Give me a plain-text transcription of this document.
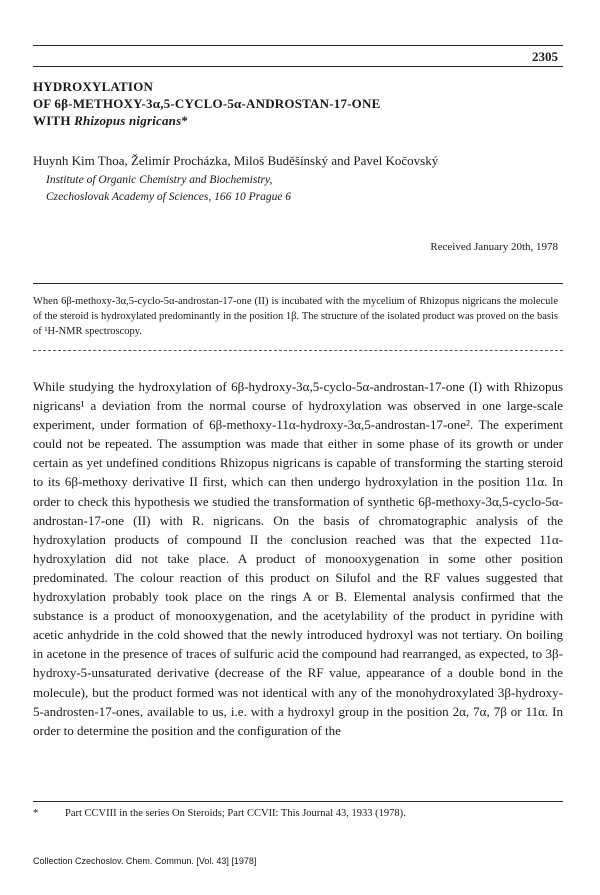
2305
HYDROXYLATION
OF 6β-METHOXY-3α,5-CYCLO-5α-ANDROSTAN-17-ONE
WITH Rhizopus nigricans*
Huynh Kim Thoa, Želimír Procházka, Miloš Buděšínský and Pavel Kočovský
Institute of Organic Chemistry and Biochemistry,
Czechoslovak Academy of Sciences, 166 10 Prague 6
Received January 20th, 1978
When 6β-methoxy-3α,5-cyclo-5α-androstan-17-one (II) is incubated with the mycelium of Rhizopus nigricans the molecule of the steroid is hydroxylated predominantly in the position 1β. The structure of the isolated product was proved on the basis of ¹H-NMR spectroscopy.

While studying the hydroxylation of 6β-hydroxy-3α,5-cyclo-5α-androstan-17-one (I) with Rhizopus nigricans¹ a deviation from the normal course of hydroxylation was observed in one large-scale experiment, under formation of 6β-methoxy-11α-hydroxy-3α,5-androstan-17-one². The experiment could not be repeated. The assumption was made that either in some phase of its growth or under certain as yet undefined conditions Rhizopus nigricans is capable of transforming the starting steroid to its 6β-methoxy derivative II first, which can then undergo hydroxylation in the position 11α. In order to check this hypothesis we studied the transformation of synthetic 6β-methoxy-3α,5-cyclo-5α-androstan-17-one (II) with R. nigricans. On the basis of chromatographic analysis of the hydroxylation products of compound II the conclusion reached was that the expected 11α-hydroxylation did not take place. A product of monooxygenation in some other position predominated. The colour reaction of this product on Silufol and the RF values suggested that hydroxylation probably took place on the rings A or B. Elemental analysis confirmed that the substance is a product of monooxygenation, and the acetylability of the product in pyridine with acetic anhydride in the cold showed that the newly introduced hydroxyl was not tertiary. On boiling in acetone in the presence of traces of sulfuric acid the compound had rearranged, as expected, to 3β-hydroxy-5-unsaturated derivative (decrease of the RF value, appearance of a double bond in the molecule), but the product formed was not identical with any of the monohydroxylated 3β-hydroxy-5-androsten-17-ones, available to us, i.e. with a hydroxyl group in the position 2α, 7α, 7β or 11α. In order to determine the position and the configuration of the

*	Part CCVIII in the series On Steroids; Part CCVII: This Journal 43, 1933 (1978).
Collection Czechoslov. Chem. Commun. [Vol. 43] [1978]
